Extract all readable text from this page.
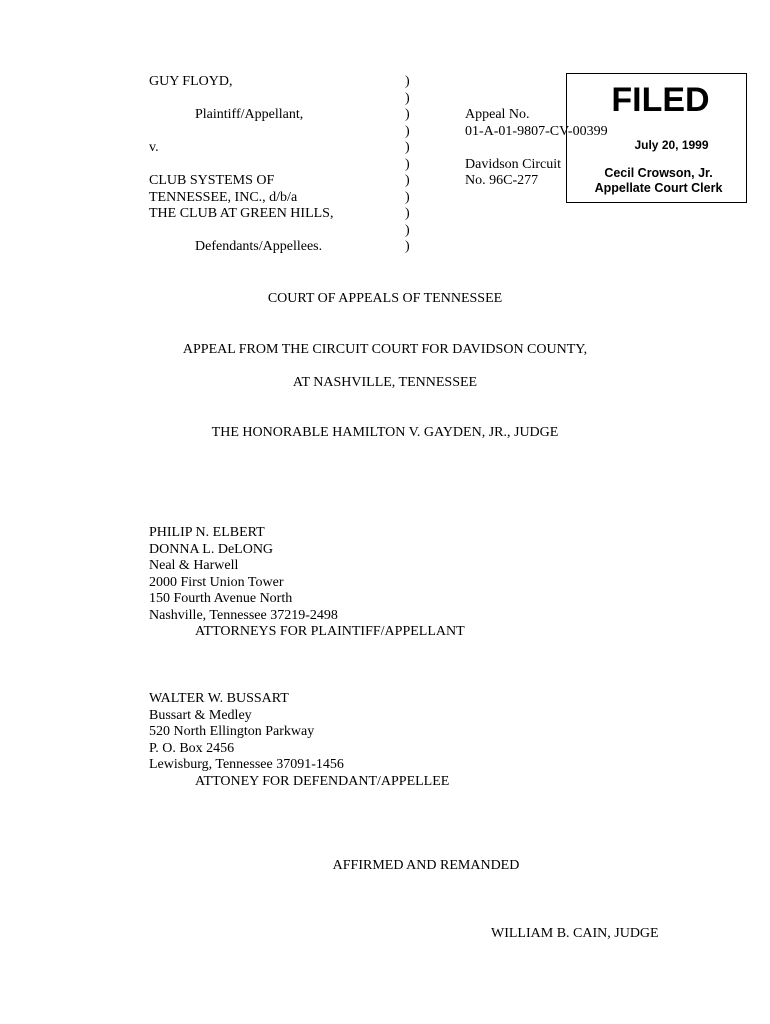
GUY FLOYD,
Plaintiff/Appellant,
v.
CLUB SYSTEMS OF
TENNESSEE, INC., d/b/a
THE CLUB AT GREEN HILLS,
Defendants/Appellees.
)
)
)
)
)
)
)
)
)
)
)
Appeal No.
01-A-01-9807-CV-00399
Davidson Circuit
No. 96C-277
FILED
July 20, 1999
Cecil Crowson, Jr.
Appellate Court Clerk
COURT OF APPEALS OF TENNESSEE
APPEAL FROM THE CIRCUIT COURT FOR DAVIDSON COUNTY,
AT NASHVILLE, TENNESSEE
THE HONORABLE HAMILTON V. GAYDEN, JR., JUDGE
PHILIP N. ELBERT
DONNA L. DeLONG
Neal & Harwell
2000 First Union Tower
150 Fourth Avenue North
Nashville, Tennessee 37219-2498
ATTORNEYS FOR PLAINTIFF/APPELLANT
WALTER W. BUSSART
Bussart & Medley
520 North Ellington Parkway
P. O. Box 2456
Lewisburg, Tennessee 37091-1456
ATTONEY FOR DEFENDANT/APPELLEE
AFFIRMED AND REMANDED
WILLIAM B. CAIN, JUDGE
